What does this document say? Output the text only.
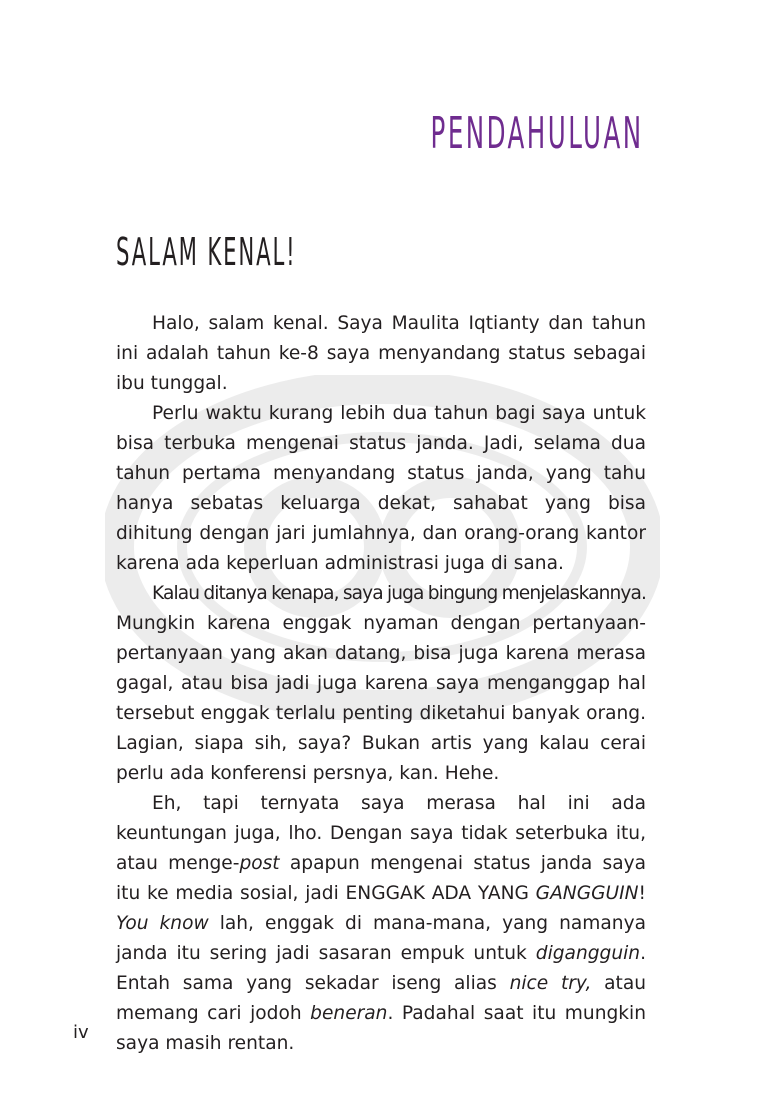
PENDAHULUAN
SALAM KENAL!

Halo, salam kenal. Saya Maulita Iqtianty dan tahun ini adalah tahun ke-8 saya menyandang status sebagai ibu tunggal.

Perlu waktu kurang lebih dua tahun bagi saya untuk bisa terbuka mengenai status janda. Jadi, selama dua tahun pertama menyandang status janda, yang tahu hanya sebatas keluarga dekat, sahabat yang bisa dihitung dengan jari jumlahnya, dan orang-orang kantor karena ada keperluan administrasi juga di sana.

Kalau ditanya kenapa, saya juga bingung menjelaskannya. Mungkin karena enggak nyaman dengan pertanyaan-pertanyaan yang akan datang, bisa juga karena merasa gagal, atau bisa jadi juga karena saya menganggap hal tersebut enggak terlalu penting diketahui banyak orang. Lagian, siapa sih, saya? Bukan artis yang kalau cerai perlu ada konferensi persnya, kan. Hehe.

Eh, tapi ternyata saya merasa hal ini ada keuntungan juga, lho. Dengan saya tidak seterbuka itu, atau menge-post apapun mengenai status janda saya itu ke media sosial, jadi ENGGAK ADA YANG GANGGUIN! You know lah, enggak di mana-mana, yang namanya janda itu sering jadi sasaran empuk untuk digangguin. Entah sama yang sekadar iseng alias nice try, atau memang cari jodoh beneran. Padahal saat itu mungkin saya masih rentan.

iv
